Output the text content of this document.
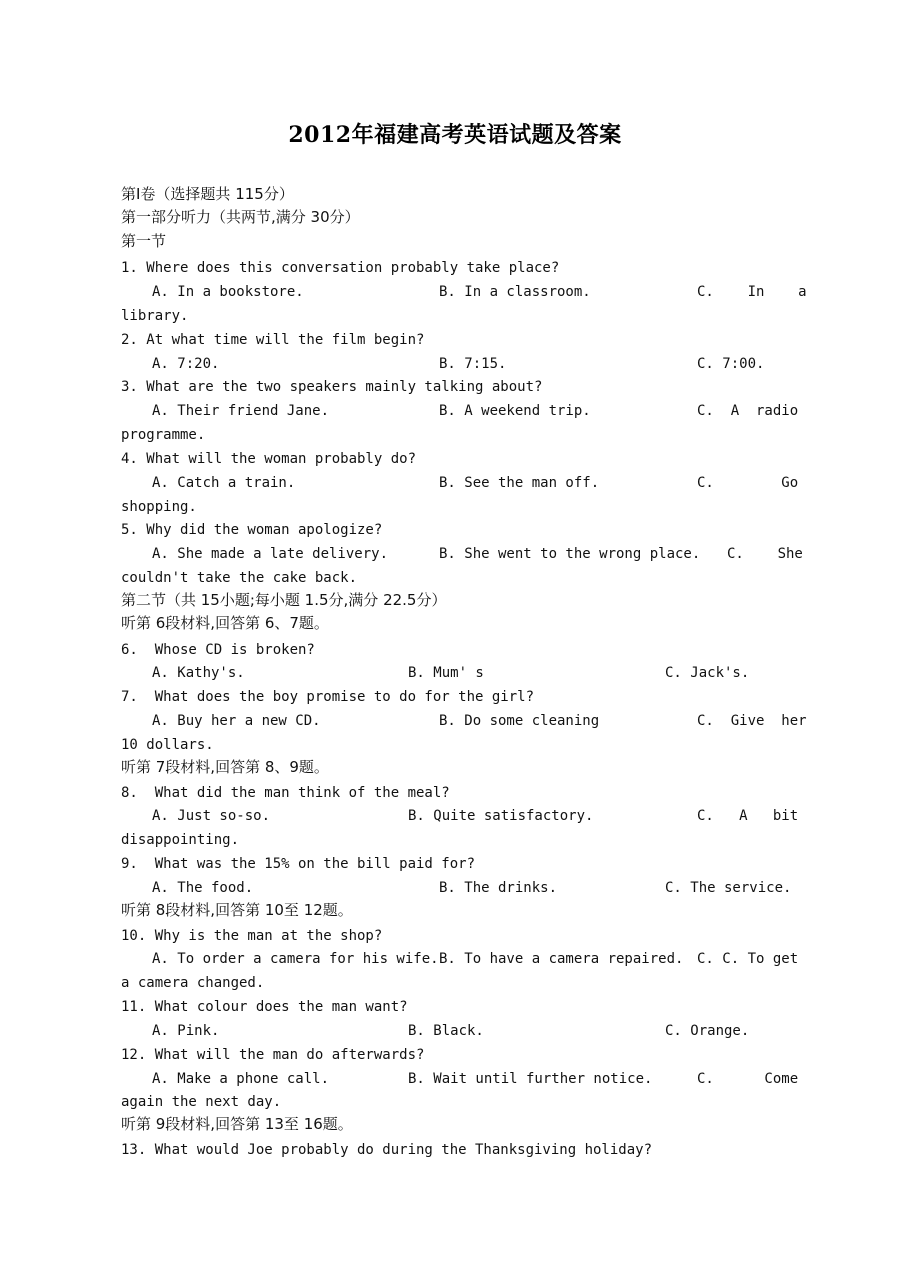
2012年福建高考英语试题及答案
第Ⅰ卷（选择题共 115分）
第一部分听力（共两节,满分 30分）
第一节
1. Where does this conversation probably take place?
A. In a bookstore.	B. In a classroom.	C.    In    a
library.
2. At what time will the film begin?
A. 7:20.	B. 7:15.	C. 7:00.
3. What are the two speakers mainly talking about?
A. Their friend Jane.	B. A weekend trip.	C.  A  radio
programme.
4. What will the woman probably do?
A. Catch a train.	B. See the man off.	C.        Go
shopping.
5. Why did the woman apologize?
A. She made a late delivery.	B. She went to the wrong place. C.    She
couldn't take the cake back.
第二节（共 15小题;每小题 1.5分,满分 22.5分）
听第 6段材料,回答第 6、7题。
6.  Whose CD is broken?
A. Kathy's.	B. Mum' s	C. Jack's.
7.  What does the boy promise to do for the girl?
A. Buy her a new CD.	B. Do some cleaning	C.  Give  her
10 dollars.
听第 7段材料,回答第 8、9题。
8.  What did the man think of the meal?
A. Just so-so.	B. Quite satisfactory.	C.   A   bit
disappointing.
9.  What was the 15% on the bill paid for?
A. The food.	B. The drinks.	C. The service.
听第 8段材料,回答第 10至 12题。
10. Why is the man at the shop?
A. To order a camera for his wife. B. To have a camera repaired. C. C. To get
a camera changed.
11. What colour does the man want?
A. Pink.	B. Black.	C. Orange.
12. What will the man do afterwards?
A. Make a phone call.	B. Wait until further notice.	C.      Come
again the next day.
听第 9段材料,回答第 13至 16题。
13. What would Joe probably do during the Thanksgiving holiday?
